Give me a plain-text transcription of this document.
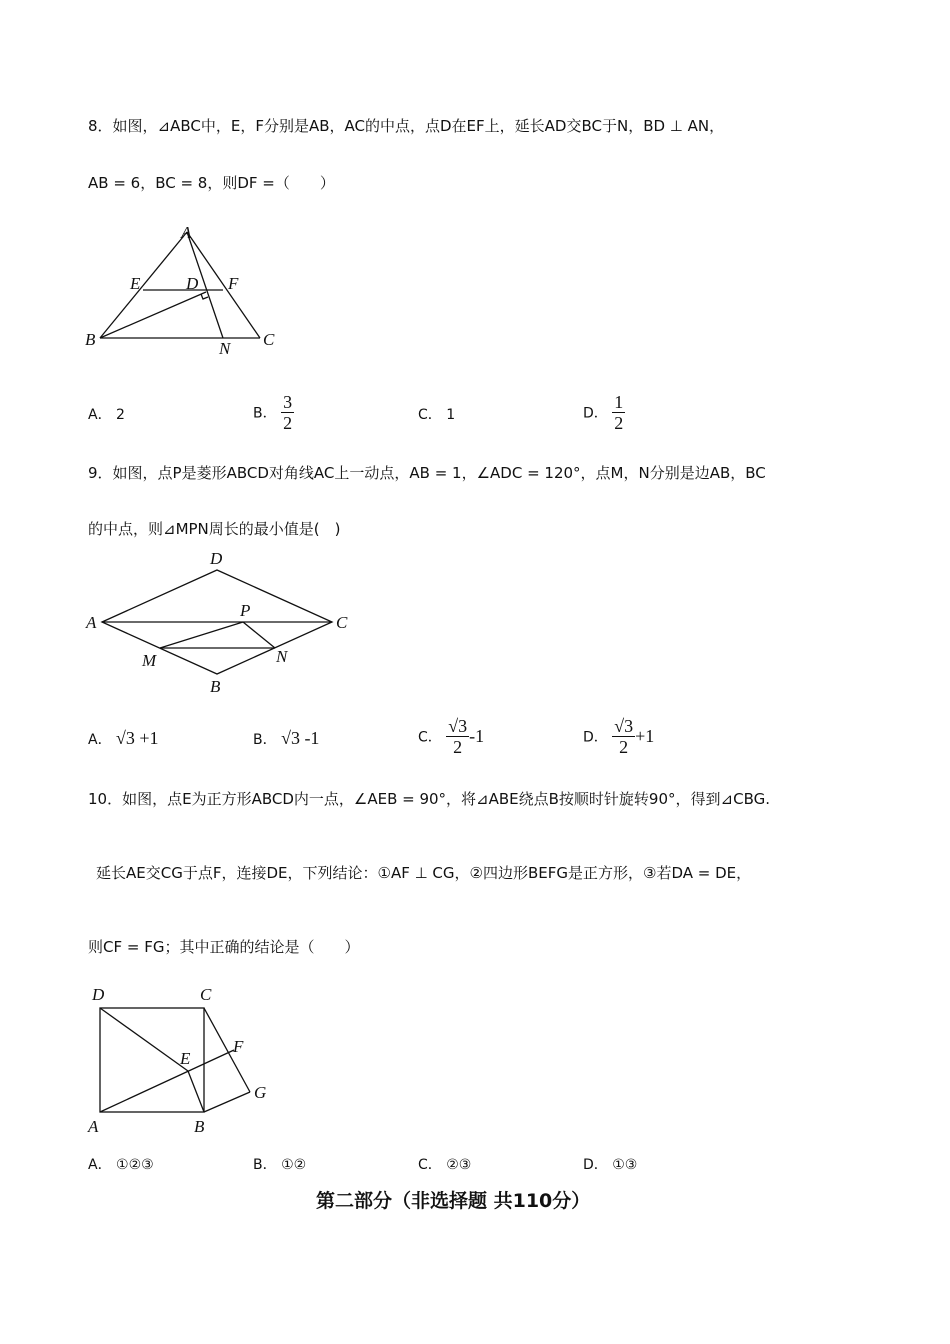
8．如图，⊿ABC中，E，F分别是AB，AC的中点，点D在EF上，延长AD交BC于N，BD ⊥ AN，
AB = 6，BC = 8，则DF =（　　）
A
E	D F
B	C
N
A． 2	B． $\frac{3}{2}$	C． 1	D． $\frac{1}{2}$
9．如图，点P是菱形ABCD对角线AC上一动点，AB = 1，∠ADC = 120°，点M，N分别是边AB，BC
的中点，则⊿MPN周长的最小值是(　)
D
A	C
P
M	N
B
A． √3 +1	B． √3 -1	C． $\frac{√3}{2} -1$	D． $\frac{√3}{2} +1$
10．如图，点E为正方形ABCD内一点，∠AEB = 90°，将⊿ABE绕点B按顺时针旋转90°，得到⊿CBG.
延长AE交CG于点F，连接DE，下列结论：①AF ⊥ CG，②四边形BEFG是正方形，③若DA = DE，
则CF = FG；其中正确的结论是（　　）
D	C
E
F
G
A	B
A． ①②③	B． ①②	C． ②③	D． ①③
第二部分（非选择题 共110分）
